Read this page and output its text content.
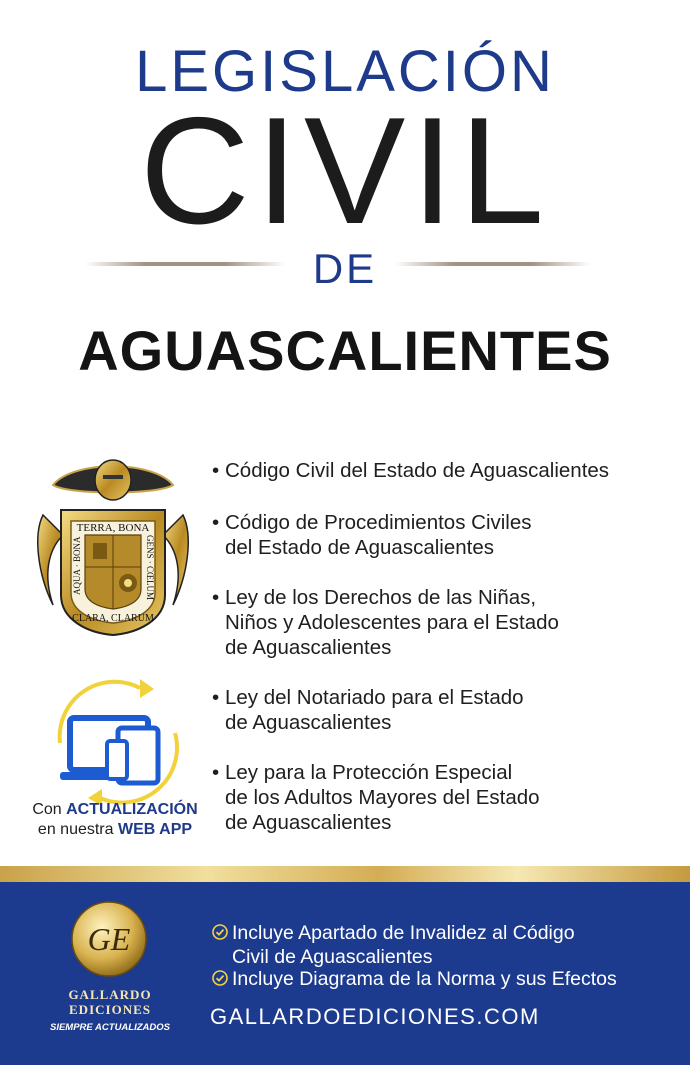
LEGISLACIÓN
CIVIL
DE
AGUASCALIENTES
TERRA, BONA
CLARA, CLARUM
AQUA · BONA	GENS · CŒLUM
• Código Civil del Estado de Aguascalientes
• Código de Procedimientos Civiles
del Estado de Aguascalientes
• Ley de los Derechos de las Niñas,
Niños y Adolescentes para el Estado
de Aguascalientes
• Ley del Notariado para el Estado
de Aguascalientes
• Ley para la Protección Especial
de los Adultos Mayores del Estado
de Aguascalientes
Con ACTUALIZACIÓN
en nuestra WEB APP
GE
GALLARDO
EDICIONES
SIEMPRE ACTUALIZADOS
Incluye Apartado de Invalidez al Código
Civil de Aguascalientes
Incluye Diagrama de la Norma y sus Efectos
GALLARDOEDICIONES.COM
